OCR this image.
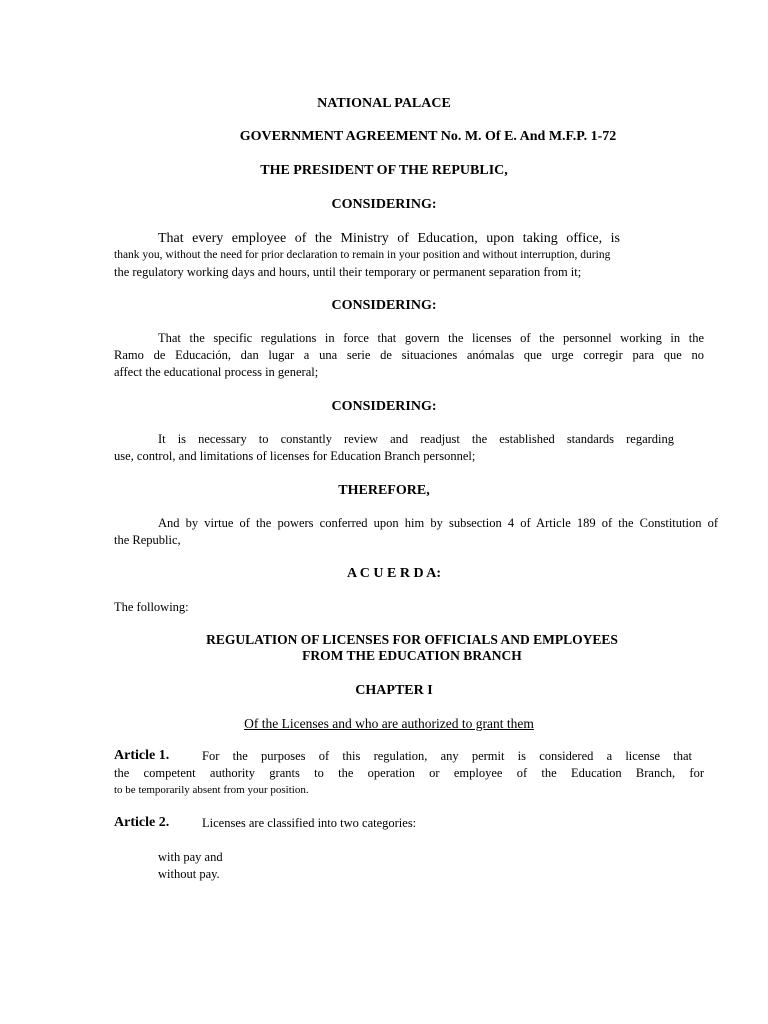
NATIONAL PALACE
GOVERNMENT AGREEMENT No. M. Of E. And M.F.P. 1-72
THE PRESIDENT OF THE REPUBLIC,
CONSIDERING:
That every employee of the Ministry of Education, upon taking office, is
thank you, without the need for prior declaration to remain in your position and without interruption, during
the regulatory working days and hours, until their temporary or permanent separation from it;
CONSIDERING:
That the specific regulations in force that govern the licenses of the personnel working in the
Ramo de Educación, dan lugar a una serie de situaciones anómalas que urge corregir para que no
affect the educational process in general;
CONSIDERING:
It is necessary to constantly review and readjust the established standards regarding
use, control, and limitations of licenses for Education Branch personnel;
THEREFORE,
And by virtue of the powers conferred upon him by subsection 4 of Article 189 of the Constitution of
the Republic,
A C U E R D A:
The following:
REGULATION OF LICENSES FOR OFFICIALS AND EMPLOYEES
FROM THE EDUCATION BRANCH
CHAPTER I
Of the Licenses and who are authorized to grant them
Article 1.	For the purposes of this regulation, any permit is considered a license that
the competent authority grants to the operation or employee of the Education Branch, for
to be temporarily absent from your position.
Article 2.	Licenses are classified into two categories:
with pay and
without pay.
